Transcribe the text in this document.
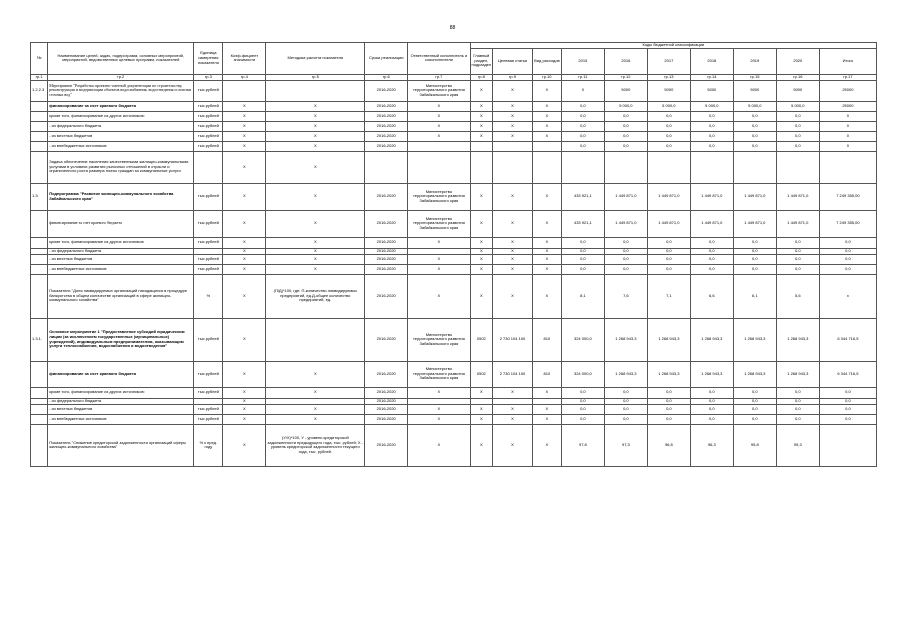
88
№	Наименование целей, задач, подпрограмм, основных мероприятий, мероприятий, ведомственных целевых программ, показателей	Единица измерения показателя	Коэф-фициент значимости	Методика расчета показателя	Сроки реализации	Ответственный исполнитель и соисполнители	Коды бюджетной классификации									
							Главный раздел, подраздел	Целевая статья	Вид расходов	2015	2016	2017	2018	2019	2020	Итого
гр.1	гр.2	гр.3	гр.4	гр.5	гр.6	гр.7	гр.8	гр.9	гр.10	гр.11	гр.12	гр.13	гр.14	гр.15	гр.16	гр.17
1.2.2.3	Мероприятие "Разработка проектно-сметной документации по строительству, реконструкции и модернизации объектов водоснабжения, водоотведения и очистки сточных вод"	тыс.рублей			2016-2020	Министерство территориального развития Забайкальского края	X	X	X	0	5000	5000	5000	5000	5000	25000
	финансирование за счет краевого бюджета	тыс.рублей	X	X	2016-2020	X	X	X	X	0,0	5 000,0	5 000,0	5 000,0	5 000,0	5 000,0	25000
	кроме того, финансирование из других источников:	тыс.рублей	X	X	2016-2020	X	X	X	X	0,0	0,0	0,0	0,0	0,0	0,0	0
	- из федерального бюджета	тыс.рублей	X	X	2016-2020	X	X	X	X	0,0	0,0	0,0	0,0	0,0	0,0	0
	- из местных бюджетов	тыс.рублей	X	X	2016-2020	X	X	X	X	0,0	0,0	0,0	0,0	0,0	0,0	0
	- из внебюджетных источников	тыс.рублей	X	X	2016-2020					0,0	0,0	0,0	0,0	0,0	0,0	0
	Задача обеспечение населения качественными жилищно-коммунальными услугами в условиях развития рыночных отношений в отрасли и ограниченного роста размера платы граждан за коммунальные услуги		X	X												
1.3.	Подпрограмма "Развитие жилищно-коммунального хозяйства Забайкальского края"	тыс.рублей	X	X	2016-2020	Министерство территориального развития Забайкальского края	X	X	X	433 921,1	1 449 871,0	1 449 871,0	1 449 871,0	1 449 871,0	1 449 871,0	7 249 355,00
	финансирование за счет краевого бюджета	тыс.рублей	X	X	2016-2020	Министерство территориального развития Забайкальского края	X	X	X	433 921,1	1 449 871,0	1 449 871,0	1 449 871,0	1 449 871,0	1 449 871,0	7 249 355,00
	кроме того, финансирование из других источников	тыс.рублей	X	X	2016-2020	X	X	X	X	0,0	0,0	0,0	0,0	0,0	0,0	0,0
	- из федерального бюджета		X	X	2016-2020		X	X	X	0,0	0,0	0,0	0,0	0,0	0,0	0,0
	- из местных бюджетов	тыс.рублей	X	X	2016-2020	X	X	X	X	0,0	0,0	0,0	0,0	0,0	0,0	0,0
	- из внебюджетных источников	тыс.рублей	X	X	2016-2020	X	X	X	X	0,0	0,0	0,0	0,0	0,0	0,0	0,0
	Показатель "Доля ликвидируемых организаций находящихся в процедуре банкротства в общем количестве организаций в сфере жилищно-коммунального хозяйства"	%	X	(П/Д)*100, где: П-количество ликвидируемых предприятий, ед.Д-общее количество предприятий, ед.	2016-2020	X	X	X	X	8,1	7,6	7,1	6,6	6,1	5,6	x
1.3.1.	Основное мероприятие 1 "Предоставление субсидий юридическим лицам (за исключением государственных (муниципальных) учреждений), индивидуальным предпринимателям, оказывающим услуги теплоснабжения, водоснабжения и водоотведения"	тыс.рублей	X		2016-2020	Министерство территориального развития Забайкальского края	0502	2 730 104 100	810	324 000,0	1 268 943,3	1 268 943,3	1 268 943,3	1 268 943,3	1 268 943,3	6 344 716,5
	финансирование за счет краевого бюджета	тыс.рублей	X	X	2016-2020	Министерство территориального развития Забайкальского края	0502	2 730 104 100	810	324 000,0	1 268 943,3	1 268 943,3	1 268 943,3	1 268 943,3	1 268 943,3	6 344 716,5
	кроме того, финансирование из других источников:	тыс.рублей	X	X	2016-2020	X	X	X	X	0,0	0,0	0,0	0,0	0,0	0,0	0,0
	- из федерального бюджета		X		2016-2020					0,0	0,0	0,0	0,0	0,0	0,0	0,0
	- из местных бюджетов	тыс.рублей	X	X	2016-2020	X	X	X	X	0,0	0,0	0,0	0,0	0,0	0,0	0,0
	- из внебюджетных источников	тыс.рублей	X	X	2016-2020	X	X	X	X	0,0	0,0	0,0	0,0	0,0	0,0	0,0
	Показатель "Снижение кредиторской задолженности организаций сферы жилищно-коммунального хозяйства"	% к пред. году	X	(У/Х)*100, У - уровень кредиторской задолженности предыдущего года, тыс. рублей; Х - уровень кредиторской задолженности текущего года, тыс. рублей.	2016-2020	X	X	X	X	97,8	97,3	96,8	96,3	95,8	95,3	
